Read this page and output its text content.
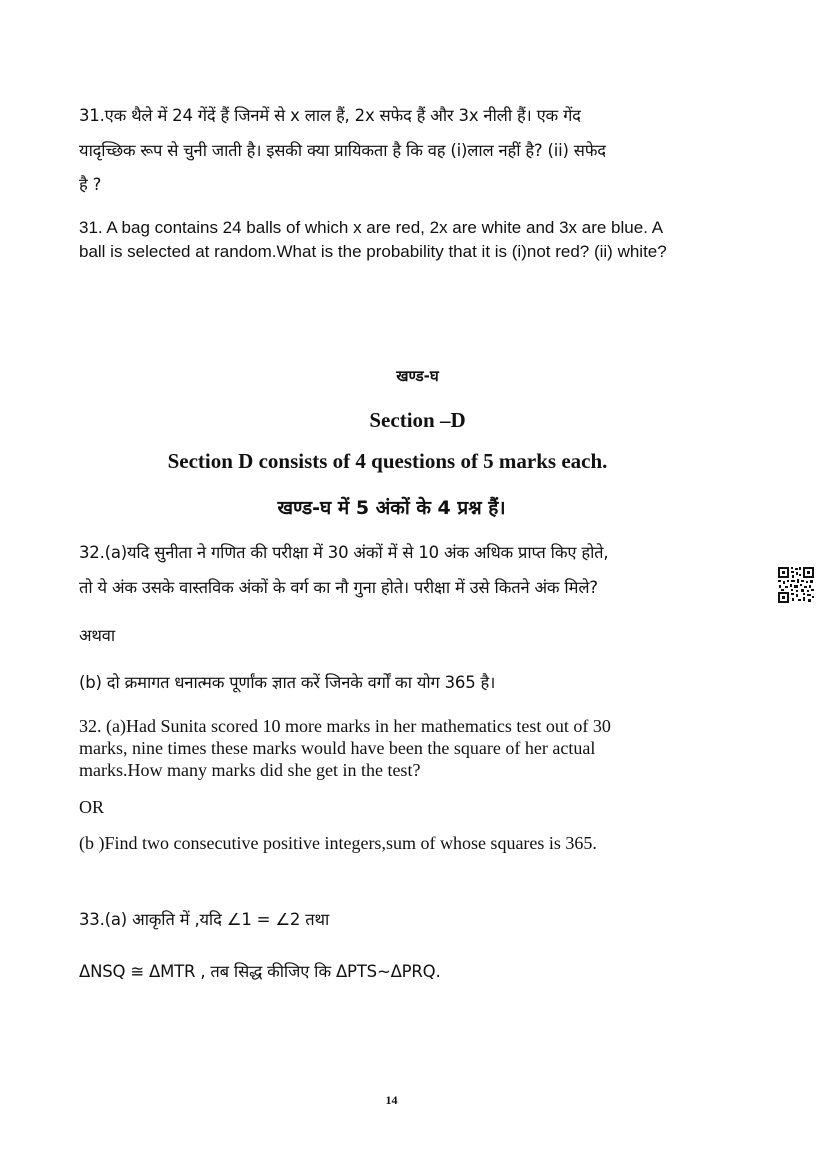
31.एक थैले में 24 गेंदें हैं जिनमें से x लाल हैं, 2x सफेद हैं और 3x नीली हैं। एक गेंद
यादृच्छिक रूप से चुनी जाती है। इसकी क्या प्रायिकता है कि वह (i)लाल नहीं है? (ii) सफेद
है ?
31. A bag contains 24 balls of which x are red, 2x are white and 3x are blue. A
ball is selected at random.What is the probability that it is (i)not red? (ii) white?
खण्ड-घ
Section –D
Section D consists of 4 questions of 5 marks each.
खण्ड-घ में 5 अंकों के 4 प्रश्न हैं।
32.(a)यदि सुनीता ने गणित की परीक्षा में 30 अंकों में से 10 अंक अधिक प्राप्त किए होते,
तो ये अंक उसके वास्तविक अंकों के वर्ग का नौ गुना होते। परीक्षा में उसे कितने अंक मिले?
अथवा
(b) दो क्रमागत धनात्मक पूर्णांक ज्ञात करें जिनके वर्गों का योग 365 है।
32. (a)Had Sunita scored 10 more marks in her mathematics test out of 30
marks, nine times these marks would have been the square of her actual
marks.How many marks did she get in the test?
OR
(b )Find two consecutive positive integers,sum of whose squares is 365.
33.(a) आकृति में ,यदि ∠1 = ∠2 तथा
ΔNSQ ≅ ΔMTR , तब सिद्ध कीजिए कि ΔPTS~ΔPRQ.
14
